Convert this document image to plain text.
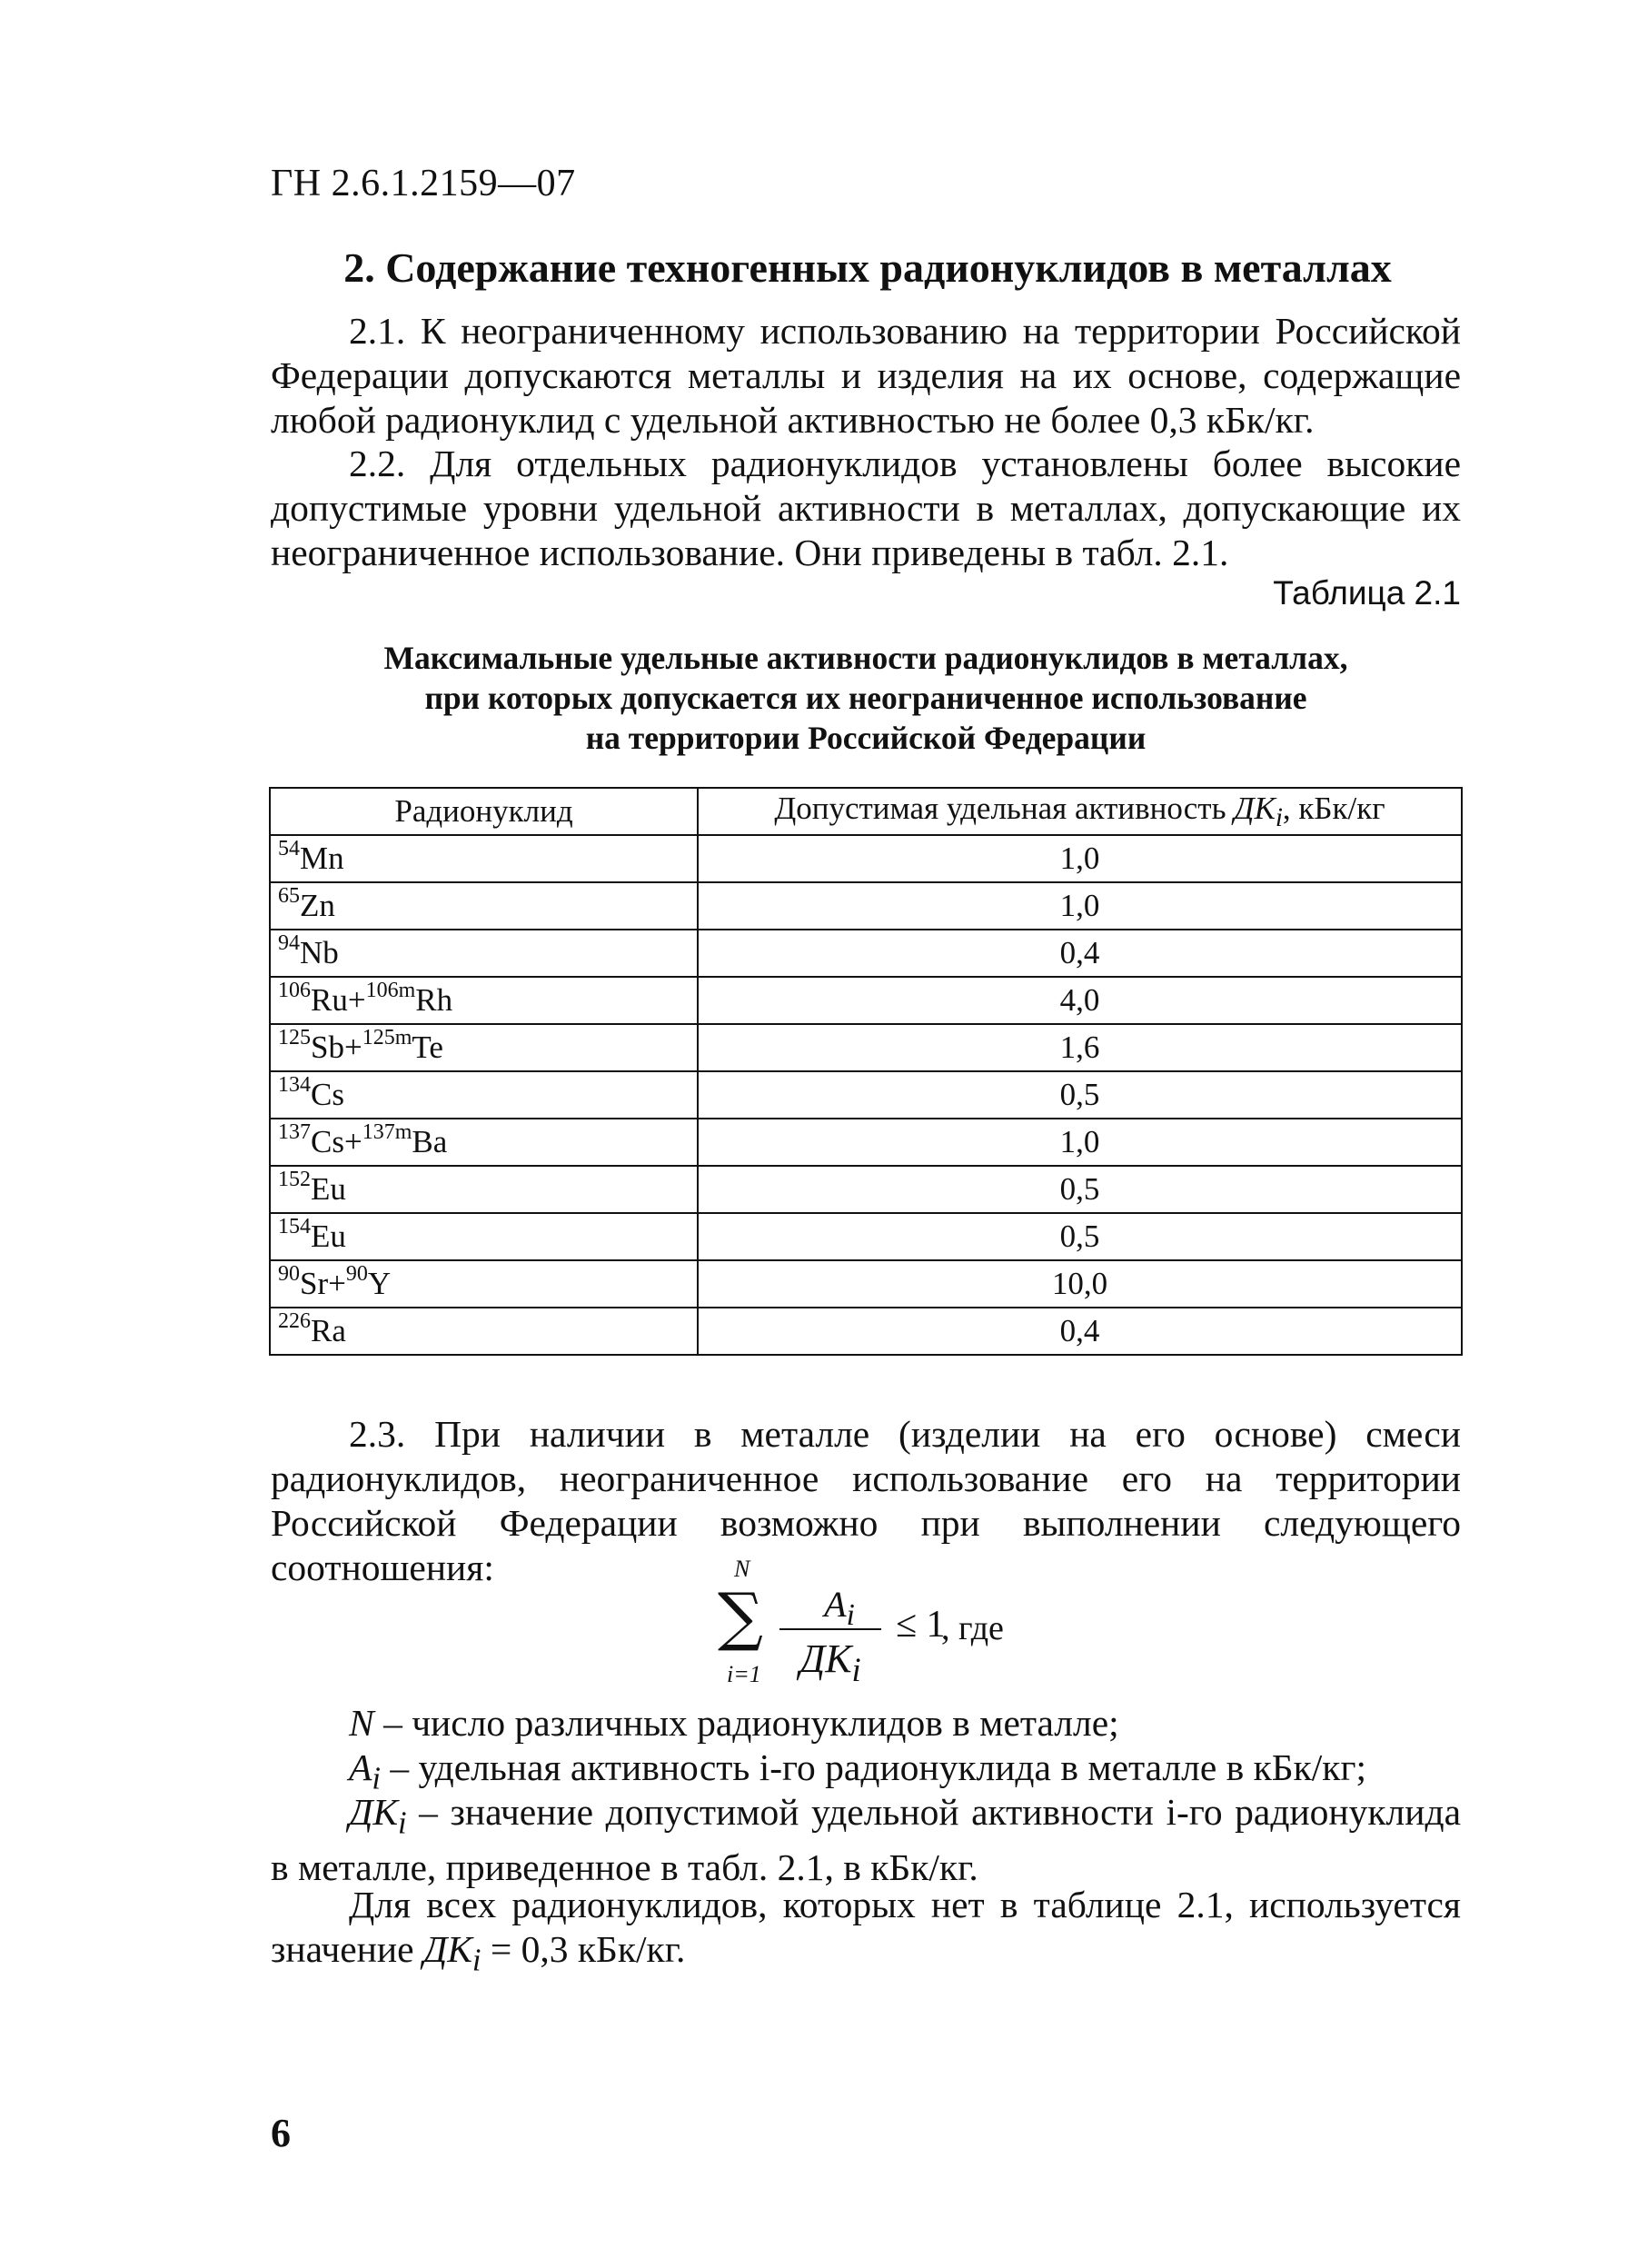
ГН 2.6.1.2159—07
2. Содержание техногенных радионуклидов в металлах

2.1. К неограниченному использованию на территории Российской Федерации допускаются металлы и изделия на их основе, содержащие любой радионуклид с удельной активностью не более 0,3 кБк/кг.

2.2. Для отдельных радионуклидов установлены более высокие допустимые уровни удельной активности в металлах, допускающие их неограниченное использование. Они приведены в табл. 2.1.

Таблица 2.1
Максимальные удельные активности радионуклидов в металлах,
при которых допускается их неограниченное использование
на территории Российской Федерации
Радионуклид	Допустимая удельная активность $ДК_i$, кБк/кг
$^{54}$Mn	1,0
$^{65}$Zn	1,0
$^{94}$Nb	0,4
$^{106}$Ru+$^{106m}$Rh	4,0
$^{125}$Sb+$^{125m}$Te	1,6
$^{134}$Cs	0,5
$^{137}$Cs+$^{137m}$Ba	1,0
$^{152}$Eu	0,5
$^{154}$Eu	0,5
$^{90}$Sr+$^{90}$Y	10,0
$^{226}$Ra	0,4

2.3. При наличии в металле (изделии на его основе) смеси радионуклидов, неограниченное использование его на территории Российской Федерации возможно при выполнении следующего соотношения:	N
∑
i=1
$A_i$
$ДК_i$
≤ 1
, где

N – число различных радионуклидов в металле;

$A_i$ – удельная активность i-го радионуклида в металле в кБк/кг;

$ДК_i$ – значение допустимой удельной активности i-го радионуклида в металле, приведенное в табл. 2.1, в кБк/кг.

Для всех радионуклидов, которых нет в таблице 2.1, используется значение $ДК_i = 0,3$ кБк/кг.

6
